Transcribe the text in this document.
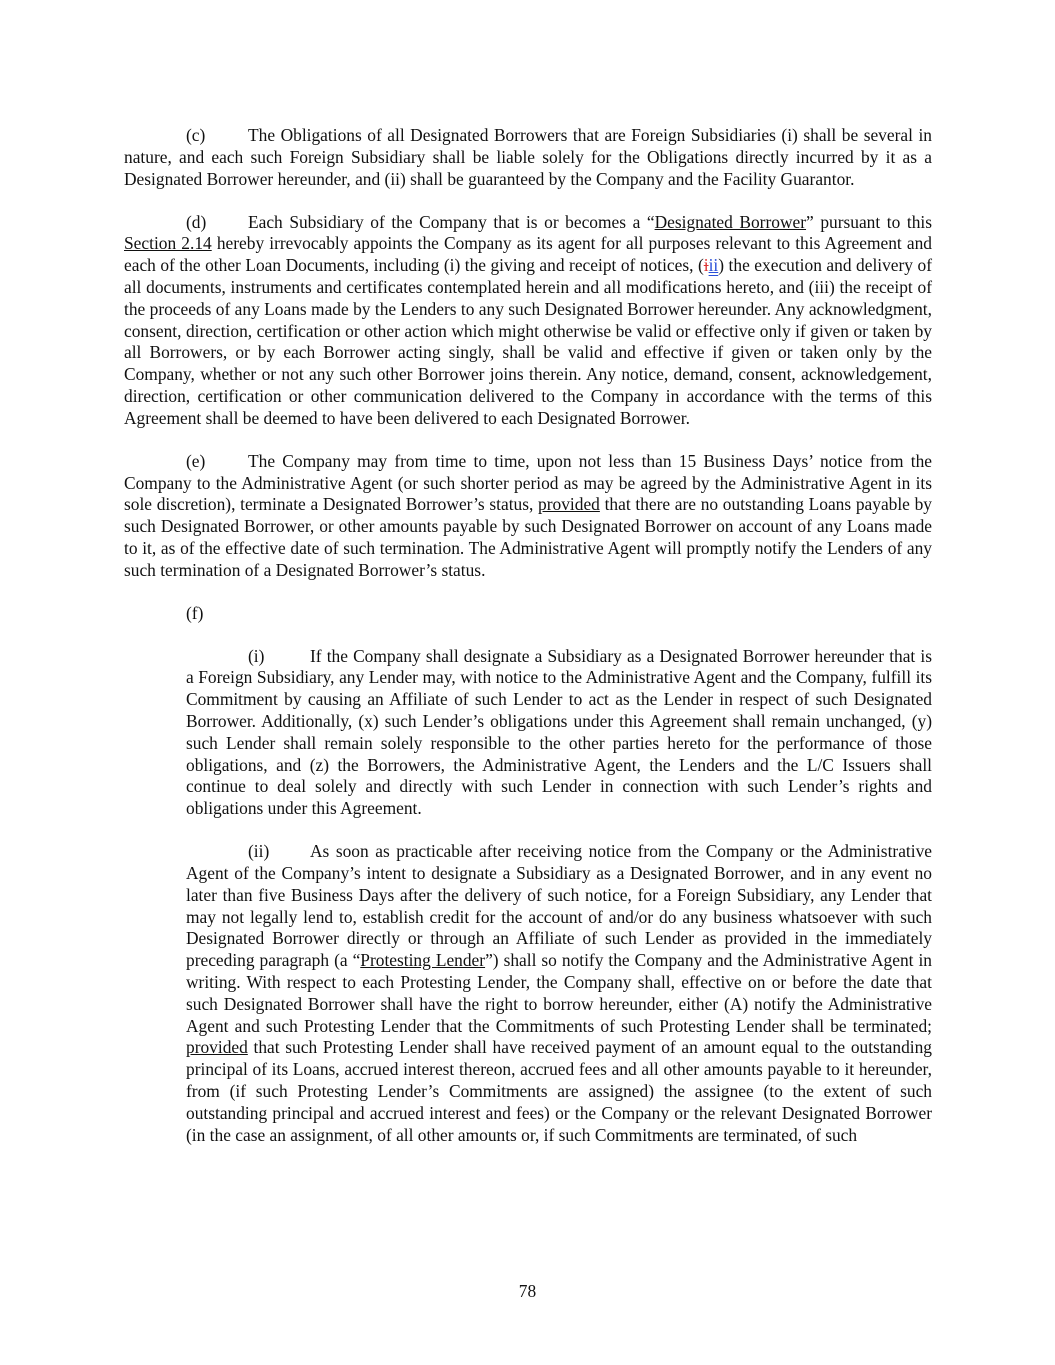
(c) The Obligations of all Designated Borrowers that are Foreign Subsidiaries (i) shall be several in nature, and each such Foreign Subsidiary shall be liable solely for the Obligations directly incurred by it as a Designated Borrower hereunder, and (ii) shall be guaranteed by the Company and the Facility Guarantor.

(d) Each Subsidiary of the Company that is or becomes a “Designated Borrower” pursuant to this Section 2.14 hereby irrevocably appoints the Company as its agent for all purposes relevant to this Agreement and each of the other Loan Documents, including (i) the giving and receipt of notices, (iii) the execution and delivery of all documents, instruments and certificates contemplated herein and all modifications hereto, and (iii) the receipt of the proceeds of any Loans made by the Lenders to any such Designated Borrower hereunder. Any acknowledgment, consent, direction, certification or other action which might otherwise be valid or effective only if given or taken by all Borrowers, or by each Borrower acting singly, shall be valid and effective if given or taken only by the Company, whether or not any such other Borrower joins therein. Any notice, demand, consent, acknowledgement, direction, certification or other communication delivered to the Company in accordance with the terms of this Agreement shall be deemed to have been delivered to each Designated Borrower.

(e) The Company may from time to time, upon not less than 15 Business Days’ notice from the Company to the Administrative Agent (or such shorter period as may be agreed by the Administrative Agent in its sole discretion), terminate a Designated Borrower’s status, provided that there are no outstanding Loans payable by such Designated Borrower, or other amounts payable by such Designated Borrower on account of any Loans made to it, as of the effective date of such termination. The Administrative Agent will promptly notify the Lenders of any such termination of a Designated Borrower’s status.

(f)

(i)	If the Company shall designate a Subsidiary as a Designated Borrower hereunder that is a Foreign Subsidiary, any Lender may, with notice to the Administrative Agent and the Company, fulfill its Commitment by causing an Affiliate of such Lender to act as the Lender in respect of such Designated Borrower. Additionally, (x) such Lender’s obligations under this Agreement shall remain unchanged, (y) such Lender shall remain solely responsible to the other parties hereto for the performance of those obligations, and (z) the Borrowers, the Administrative Agent, the Lenders and the L/C Issuers shall continue to deal solely and directly with such Lender in connection with such Lender’s rights and obligations under this Agreement.

(ii) As soon as practicable after receiving notice from the Company or the Administrative Agent of the Company’s intent to designate a Subsidiary as a Designated Borrower, and in any event no later than five Business Days after the delivery of such notice, for a Foreign Subsidiary, any Lender that may not legally lend to, establish credit for the account of and/or do any business whatsoever with such Designated Borrower directly or through an Affiliate of such Lender as provided in the immediately preceding paragraph (a “Protesting Lender”) shall so notify the Company and the Administrative Agent in writing. With respect to each Protesting Lender, the Company shall, effective on or before the date that such Designated Borrower shall have the right to borrow hereunder, either (A) notify the Administrative Agent and such Protesting Lender that the Commitments of such Protesting Lender shall be terminated; provided that such Protesting Lender shall have received payment of an amount equal to the outstanding principal of its Loans, accrued interest thereon, accrued fees and all other amounts payable to it hereunder, from (if such Protesting Lender’s Commitments are assigned) the assignee (to the extent of such outstanding principal and accrued interest and fees) or the Company or the relevant Designated Borrower (in the case an assignment, of all other amounts or, if such Commitments are terminated, of such

78
